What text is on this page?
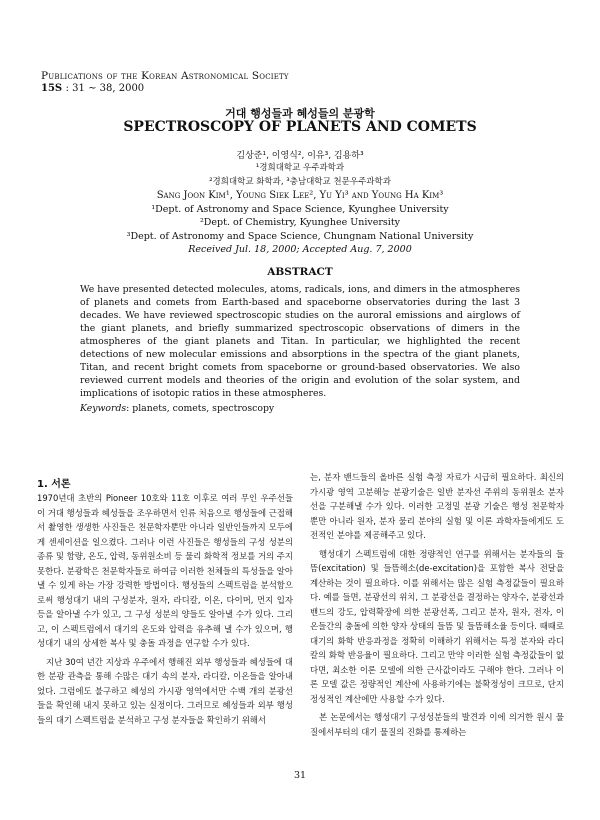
Publications of the Korean Astronomical Society
15S : 31 ∼ 38, 2000
거대 행성들과 혜성들의 분광학
SPECTROSCOPY OF PLANETS AND COMETS
김상준¹, 이영식², 이유³, 김용하³
¹경희대학교 우주과학과
²경희대학교 화학과, ³충남대학교 천문우주과학과
Sang Joon Kim¹, Young Siek Lee², Yu Yi³ and Young Ha Kim³
¹Dept. of Astronomy and Space Science, Kyunghee University
²Dept. of Chemistry, Kyunghee University
³Dept. of Astronomy and Space Science, Chungnam National University
Received Jul. 18, 2000; Accepted Aug. 7, 2000
ABSTRACT
We have presented detected molecules, atoms, radicals, ions, and dimers in the atmospheres of planets and comets from Earth-based and spaceborne observatories during the last 3 decades. We have reviewed spectroscopic studies on the auroral emissions and airglows of the giant planets, and briefly summarized spectroscopic observations of dimers in the atmospheres of the giant planets and Titan. In particular, we highlighted the recent detections of new molecular emissions and absorptions in the spectra of the giant planets, Titan, and recent bright comets from spaceborne or ground-based observatories. We also reviewed current models and theories of the origin and evolution of the solar system, and implications of isotopic ratios in these atmospheres.
Keywords: planets, comets, spectroscopy
1. 서론

1970년대 초반의 Pioneer 10호와 11호 이후로 여러 무인 우주선들이 거대 행성들과 혜성들을 조우하면서 인류 처음으로 행성들에 근접해서 촬영한 생생한 사진들은 천문학자뿐만 아니라 일반인들까지 모두에게 센세이션을 일으켰다. 그러나 이런 사진들은 행성들의 구성 성분의 종류 및 함량, 온도, 압력, 동위원소비 등 물리 화학적 정보를 거의 주지 못한다. 분광학은 천문학자들로 하여금 이러한 천체들의 특성들을 알아낼 수 있게 하는 가장 강력한 방법이다. 행성들의 스펙트럼을 분석함으로써 행성대기 내의 구성분자, 원자, 라디칼, 이온, 다이머, 먼지 입자 등을 알아낼 수가 있고, 그 구성 성분의 양들도 알아낼 수가 있다. 그리고, 이 스펙트럼에서 대기의 온도와 압력을 유추해 낼 수가 있으며, 행성대기 내의 상세한 복사 및 충돌 과정을 연구할 수가 있다.

지난 30여 년간 지상과 우주에서 행해진 외부 행성들과 혜성들에 대한 분광 관측을 통해 수많은 대기 속의 분자, 라디칼, 이온들을 알아내었다. 그럼에도 불구하고 혜성의 가시광 영역에서만 수백 개의 분광선들을 확인해 내지 못하고 있는 실정이다. 그러므로 혜성들과 외부 행성들의 대기 스펙트럼을 분석하고 구성 분자들을 확인하기 위해서

는, 분자 밴드들의 올바른 실험 측정 자료가 시급히 필요하다. 최신의 가시광 영역 고분해능 분광기술은 일반 분자선 주위의 동위원소 분자선을 구분해낼 수가 있다. 이러한 고정밀 분광 기술은 행성 천문학자 뿐만 아니라 원자, 분자 물리 분야의 실험 및 이론 과학자들에게도 도전적인 분야를 제공해주고 있다.

행성대기 스펙트럼에 대한 정량적인 연구를 위해서는 분자들의 들뜸(excitation) 및 들뜸해소(de-excitation)을 포함한 복사 전달을 계산하는 것이 필요하다. 이를 위해서는 많은 실험 측정값들이 필요하다. 예를 들면, 분광선의 위치, 그 분광선을 결정하는 양자수, 분광선과 밴드의 강도, 압력확장에 의한 분광선폭, 그리고 분자, 원자, 전자, 이온들간의 충돌에 의한 양자 상태의 들뜸 및 들뜸해소율 등이다. 때때로 대기의 화학 반응과정을 정확히 이해하기 위해서는 특정 분자와 라디칼의 화학 반응율이 필요하다. 그리고 만약 이러한 실험 측정값들이 없다면, 최소한 이론 모델에 의한 근사값이라도 구해야 한다. 그러나 이론 모델 값은 정량적인 계산에 사용하기에는 불확정성이 크므로, 단지 정성적인 계산에만 사용할 수가 있다.

본 논문에서는 행성대기 구성성분들의 발견과 이에 의거한 원시 물질에서부터의 대기 물질의 진화를 통제하는

31
